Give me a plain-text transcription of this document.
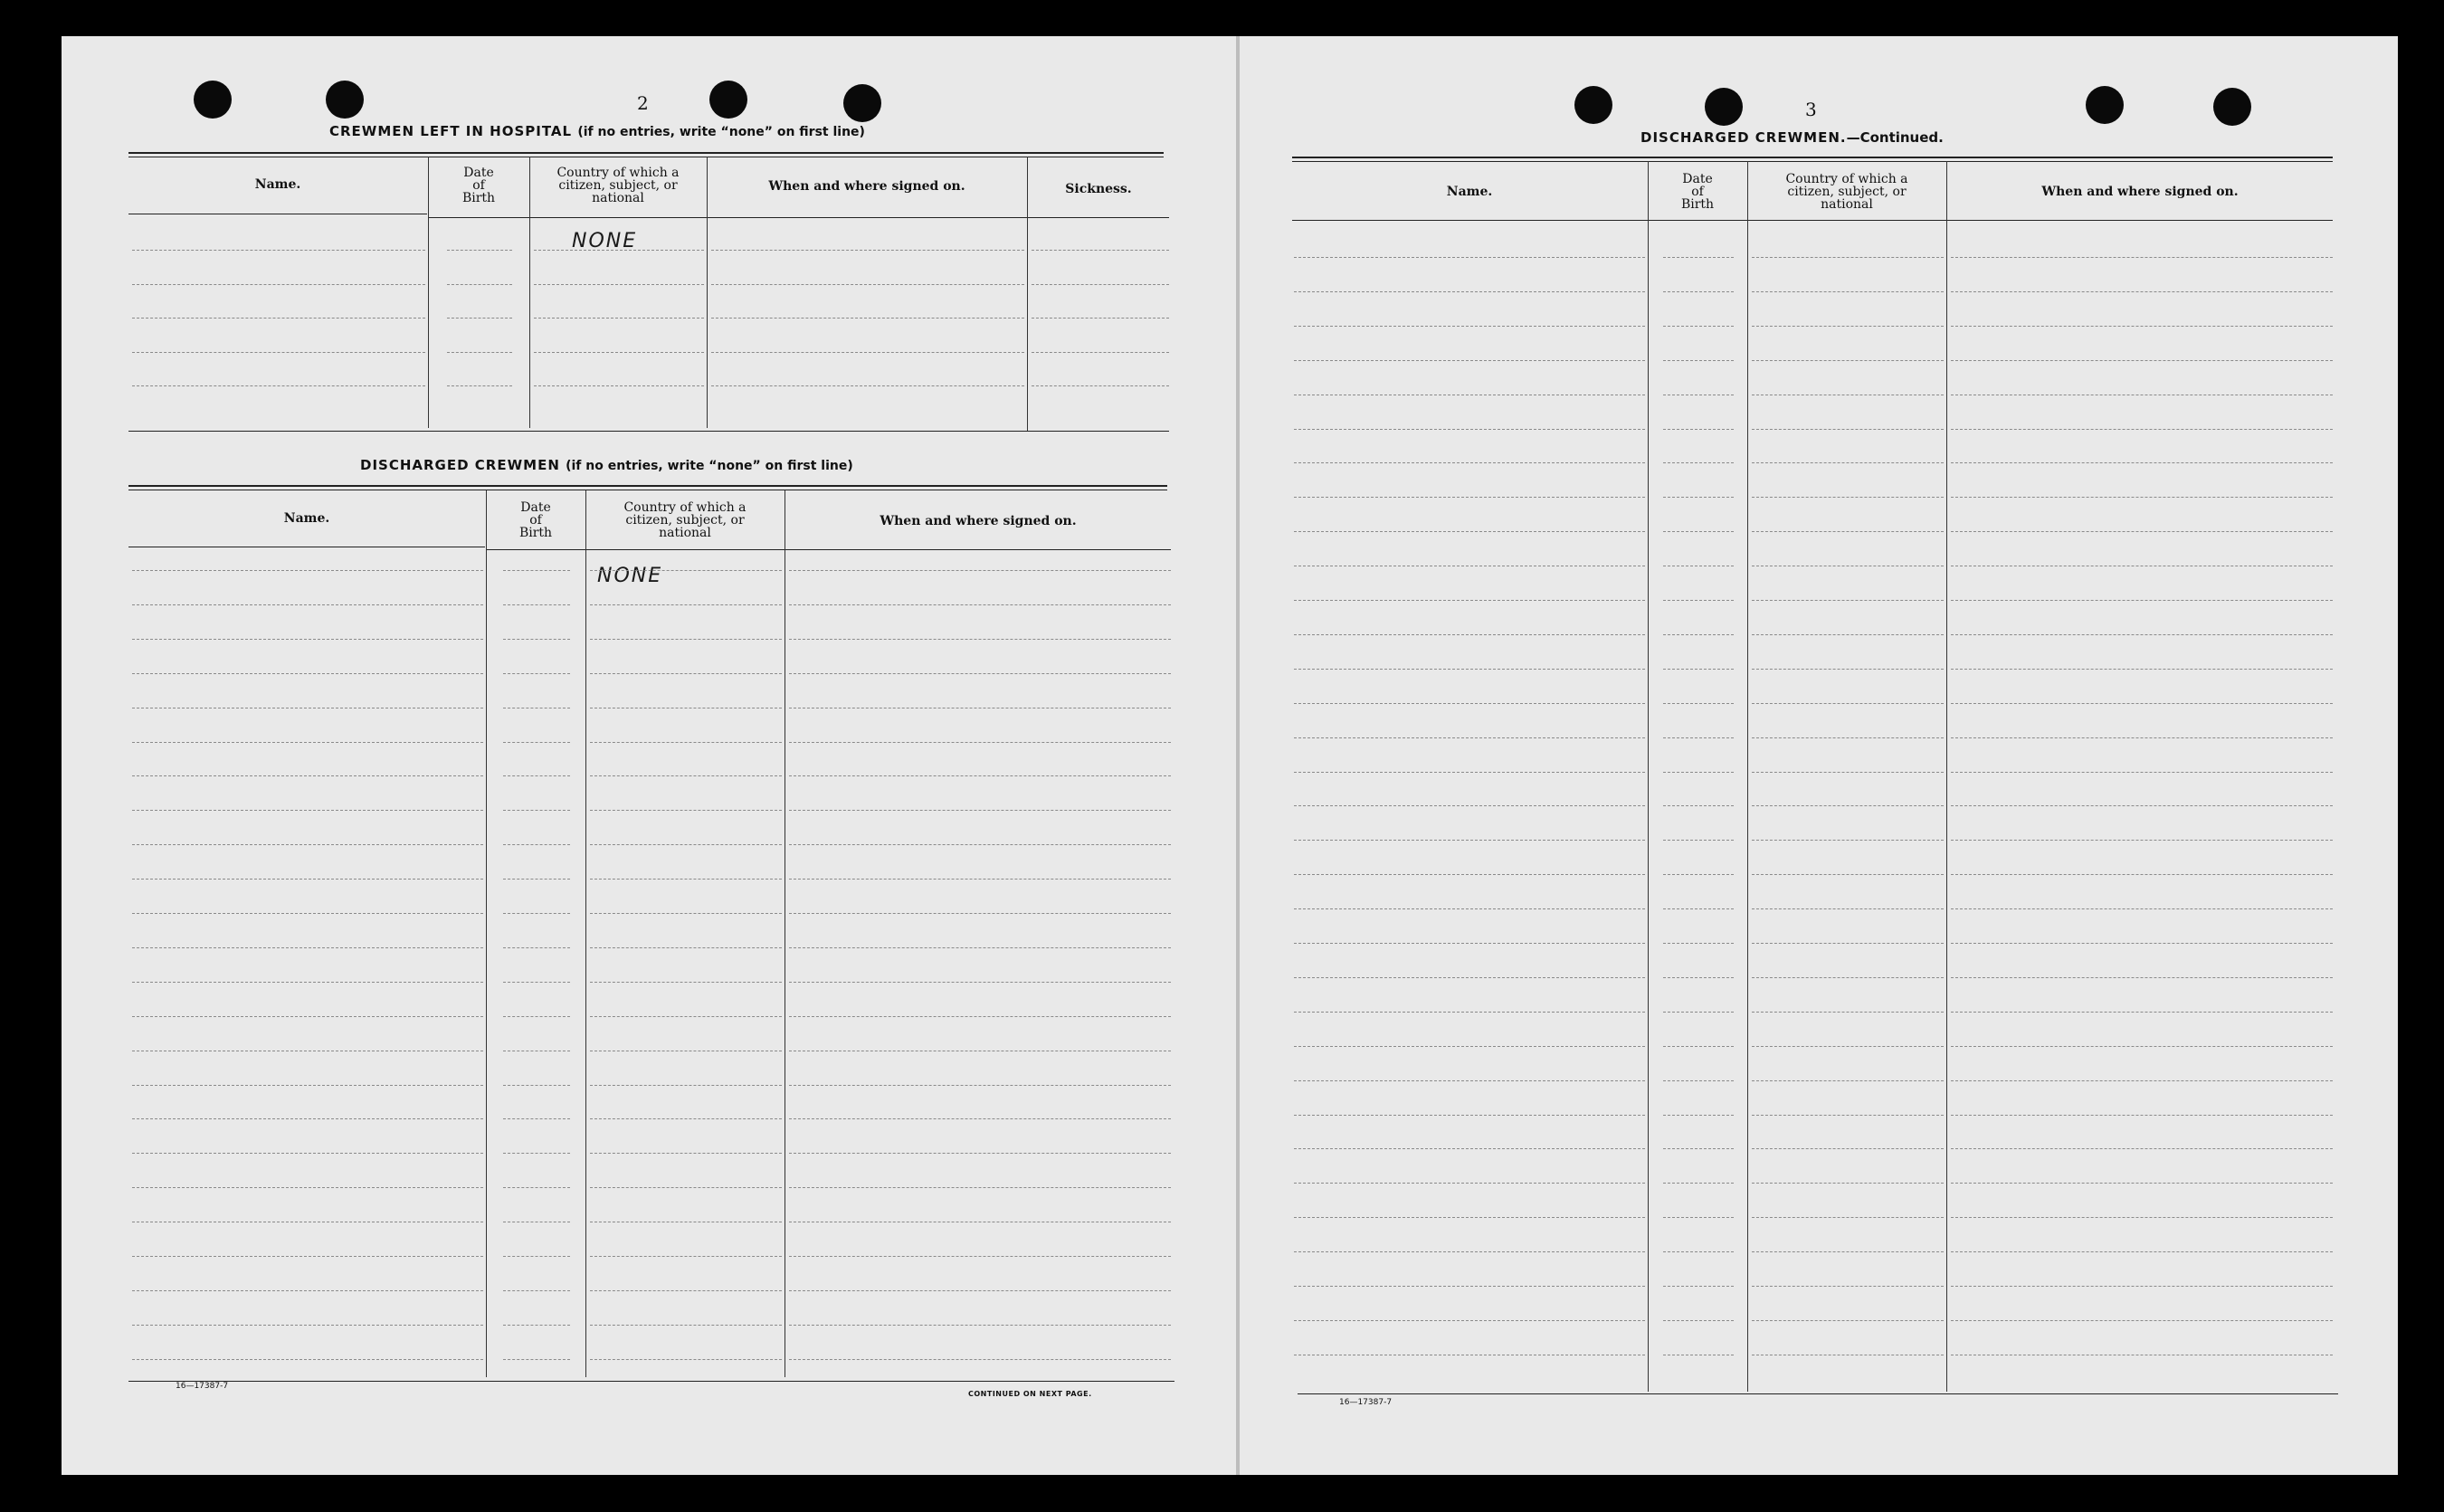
2
CREWMEN LEFT IN HOSPITAL (if no entries, write “none” on first line)
Name.
Date
of
Birth
Country of which a
citizen, subject, or
national
When and where signed on.	Sickness.
NONE
DISCHARGED CREWMEN (if no entries, write “none” on first line)
Name.
Date
of
Birth
Country of which a
citizen, subject, or
national
When and where signed on.
NONE
16—17387-7
CONTINUED ON NEXT PAGE.
3
DISCHARGED CREWMEN.—Continued.
Name.
Date
of
Birth
Country of which a
citizen, subject, or
national
When and where signed on.
16—17387-7
